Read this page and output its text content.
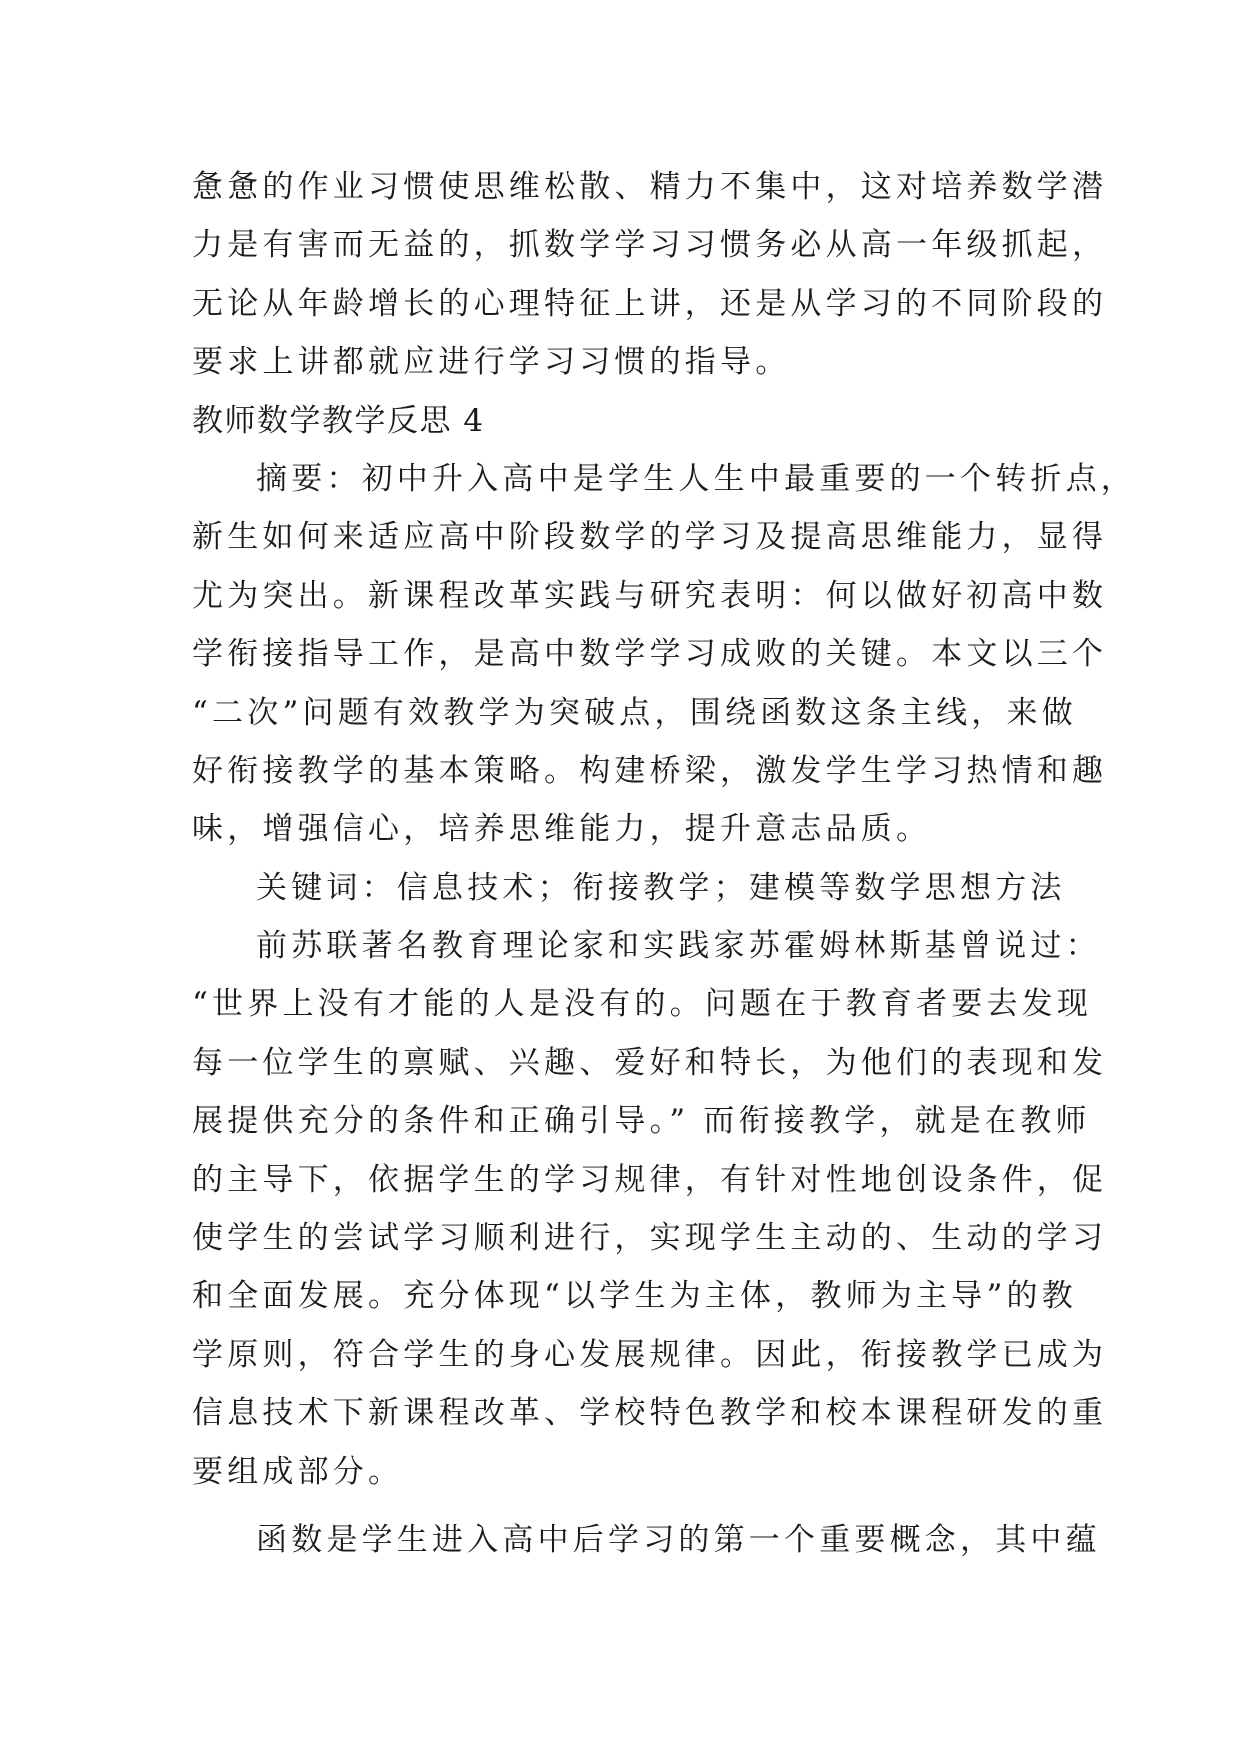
惫惫的作业习惯使思维松散、精力不集中，这对培养数学潜
力是有害而无益的，抓数学学习习惯务必从高一年级抓起，
无论从年龄增长的心理特征上讲，还是从学习的不同阶段的
要求上讲都就应进行学习习惯的指导。
教师数学教学反思 4
摘要：初中升入高中是学生人生中最重要的一个转折点，
新生如何来适应高中阶段数学的学习及提高思维能力，显得
尤为突出。新课程改革实践与研究表明：何以做好初高中数
学衔接指导工作，是高中数学学习成败的关键。本文以三个
“二次”问题有效教学为突破点，围绕函数这条主线，来做
好衔接教学的基本策略。构建桥梁，激发学生学习热情和趣
味，增强信心，培养思维能力，提升意志品质。
关键词：信息技术；衔接教学；建模等数学思想方法
前苏联著名教育理论家和实践家苏霍姆林斯基曾说过：
“世界上没有才能的人是没有的。问题在于教育者要去发现
每一位学生的禀赋、兴趣、爱好和特长，为他们的表现和发
展提供充分的条件和正确引导。” 而衔接教学，就是在教师
的主导下，依据学生的学习规律，有针对性地创设条件，促
使学生的尝试学习顺利进行，实现学生主动的、生动的学习
和全面发展。充分体现“以学生为主体，教师为主导”的教
学原则，符合学生的身心发展规律。因此，衔接教学已成为
信息技术下新课程改革、学校特色教学和校本课程研发的重
要组成部分。
函数是学生进入高中后学习的第一个重要概念，其中蕴
